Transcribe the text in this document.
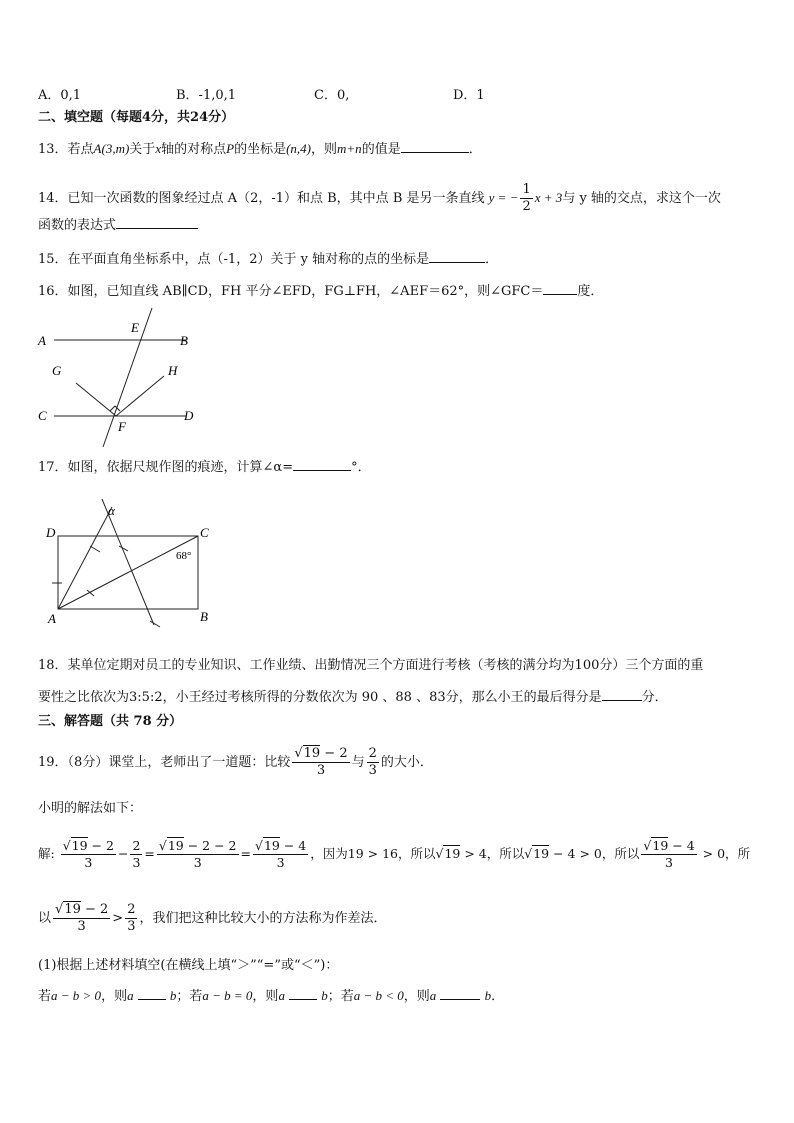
A．0,1	B．-1,0,1	C．0,	D．1
二、填空题（每题4分，共24分）
13．若点A(3,m)关于x轴的对称点P的坐标是(n,4)，则m+n的值是	．
14．已知一次函数的图象经过点 A（2，-1）和点 B，其中点 B 是另一条直线 y = − $\frac{1}{2}$ x + 3与 y 轴的交点，求这个一次
函数的表达式
15．在平面直角坐标系中，点（-1，2）关于 y 轴对称的点的坐标是	．
16．如图，已知直线 AB∥CD，FH 平分∠EFD，FG⊥FH，∠AEF＝62°，则∠GFC＝	度．
A	B
C	D
E
F
G	H
17．如图，依据尺规作图的痕迹，计算∠α=	°．
D	C
A	B
α
68°
18．某单位定期对员工的专业知识、工作业绩、出勤情况三个方面进行考核（考核的满分均为100分）三个方面的重
要性之比依次为3:5:2，小王经过考核所得的分数依次为 90 、88 、83分，那么小王的最后得分是	分．
三、解答题（共 78 分）
19．（8分）课堂上，老师出了一道题：比较 $\frac{√19 - 2}{3}$ 与 $\frac{2}{3}$ 的大小．
小明的解法如下：
解: $\frac{√19 - 2}{3} - \frac{2}{3} = \frac{√19 - 2 - 2}{3} = \frac{√19 - 4}{3}$ ，因为19 > 16，所以√19 > 4，所以√19 − 4 > 0，所以 $\frac{√19 - 4}{3} > 0$，所
以 $\frac{√19 - 2}{3} > \frac{2}{3}$ ，我们把这种比较大小的方法称为作差法．
(1)根据上述材料填空(在横线上填“＞”“=”或“＜”)：
若a − b > 0，则a	b；若a − b = 0，则a	b；若a − b < 0，则a	b．
